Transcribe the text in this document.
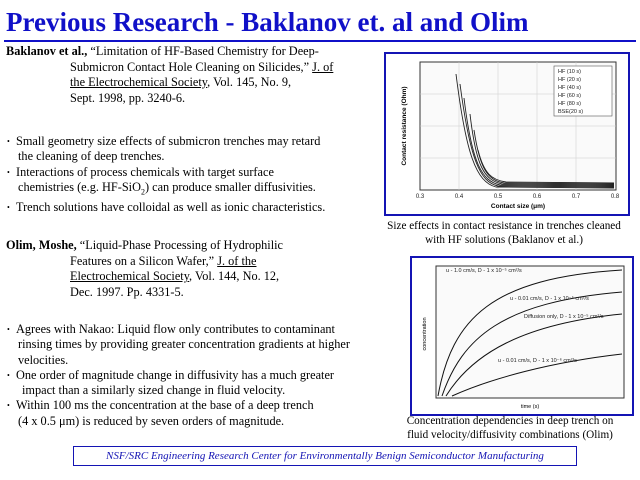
Previous Research - Baklanov et. al and Olim
Baklanov et al., “Limitation of HF-Based Chemistry for Deep-
Submicron Contact Hole Cleaning on Silicides,” J. of
the Electrochemical Society, Vol. 145, No. 9,
Sept. 1998, pp. 3240-6.
• Small geometry size effects of submicron trenches may retard
the cleaning of deep trenches.
• Interactions of process chemicals with target surface
chemistries (e.g. HF-SiO$_2$) can produce smaller diffusivities.
• Trench solutions have colloidal as well as ionic characteristics.
Olim, Moshe, “Liquid-Phase Processing of Hydrophilic
Features on a Silicon Wafer,” J. of the
Electrochemical Society, Vol. 144, No. 12,
Dec. 1997. Pp. 4331-5.
• Agrees with Nakao: Liquid flow only contributes to contaminant
rinsing times by providing greater concentration gradients at higher
velocities.
• One order of magnitude change in diffusivity has a much greater
impact than a similarly sized change in fluid velocity.
• Within 100 ms the concentration at the base of a deep trench
(4 x 0.5 μm) is reduced by seven orders of magnitude.
HF (10 s)
HF (20 s)
HF (40 s)
HF (60 s)
HF (80 s)
BSE(20 s)
0.3	0.4	0.5	0.6	0.7	0.8
Contact size (μm)
Contact resistance (Ohm)
Size effects in contact resistance in trenches cleaned
with HF solutions (Baklanov et al.)
u - 1.0 cm/s, D - 1 x 10⁻⁵ cm²/s
u - 0.01 cm/s, D - 1 x 10⁻⁵ cm²/s
Diffusion only, D - 1 x 10⁻⁵ cm²/s
u - 0.01 cm/s, D - 1 x 10⁻⁶ cm²/s
time (s)
concentration
Concentration dependencies in deep trench on
fluid velocity/diffusivity combinations (Olim)
NSF/SRC Engineering Research Center for Environmentally Benign Semiconductor Manufacturing
